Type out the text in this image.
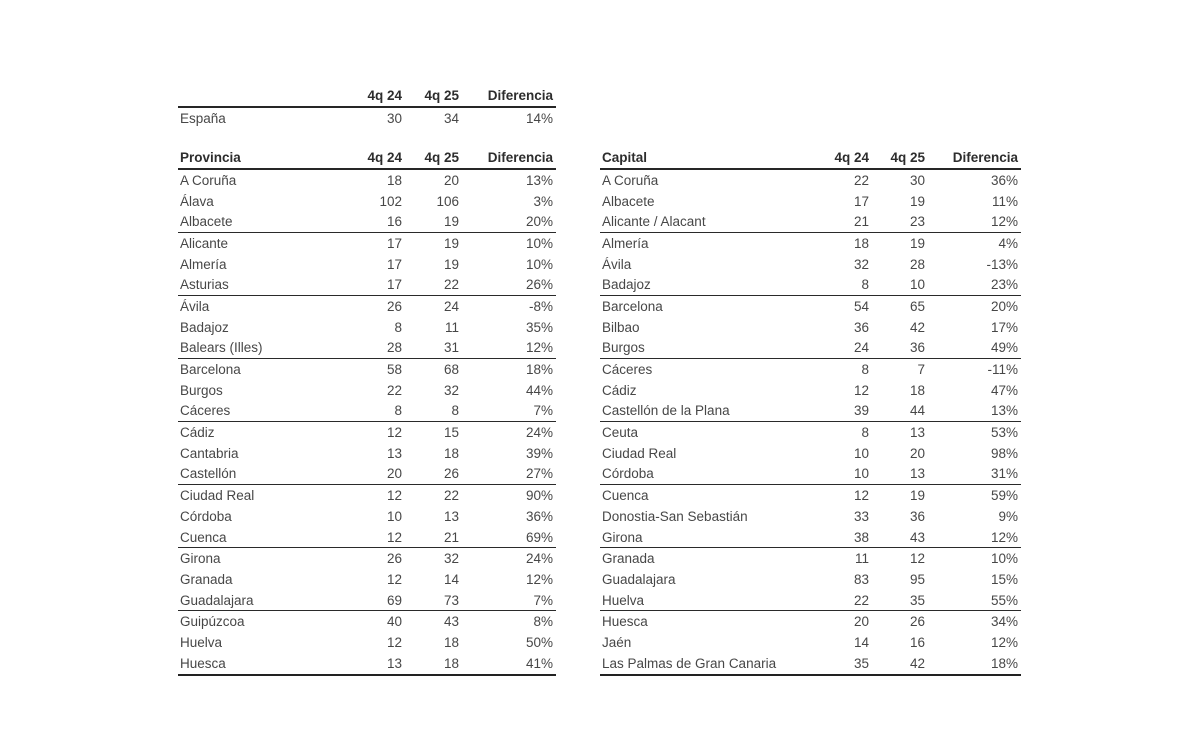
	4q 24	4q 25	Diferencia
España	30	34	14%
Provincia	4q 24	4q 25	Diferencia
A Coruña	18	20	13%
Álava	102	106	3%
Albacete	16	19	20%
Alicante	17	19	10%
Almería	17	19	10%
Asturias	17	22	26%
Ávila	26	24	-8%
Badajoz	8	11	35%
Balears (Illes)	28	31	12%
Barcelona	58	68	18%
Burgos	22	32	44%
Cáceres	8	8	7%
Cádiz	12	15	24%
Cantabria	13	18	39%
Castellón	20	26	27%
Ciudad Real	12	22	90%
Córdoba	10	13	36%
Cuenca	12	21	69%
Girona	26	32	24%
Granada	12	14	12%
Guadalajara	69	73	7%
Guipúzcoa	40	43	8%
Huelva	12	18	50%
Huesca	13	18	41%
Capital	4q 24	4q 25	Diferencia
A Coruña	22	30	36%
Albacete	17	19	11%
Alicante / Alacant	21	23	12%
Almería	18	19	4%
Ávila	32	28	-13%
Badajoz	8	10	23%
Barcelona	54	65	20%
Bilbao	36	42	17%
Burgos	24	36	49%
Cáceres	8	7	-11%
Cádiz	12	18	47%
Castellón de la Plana	39	44	13%
Ceuta	8	13	53%
Ciudad Real	10	20	98%
Córdoba	10	13	31%
Cuenca	12	19	59%
Donostia-San Sebastián	33	36	9%
Girona	38	43	12%
Granada	11	12	10%
Guadalajara	83	95	15%
Huelva	22	35	55%
Huesca	20	26	34%
Jaén	14	16	12%
Las Palmas de Gran Canaria	35	42	18%
